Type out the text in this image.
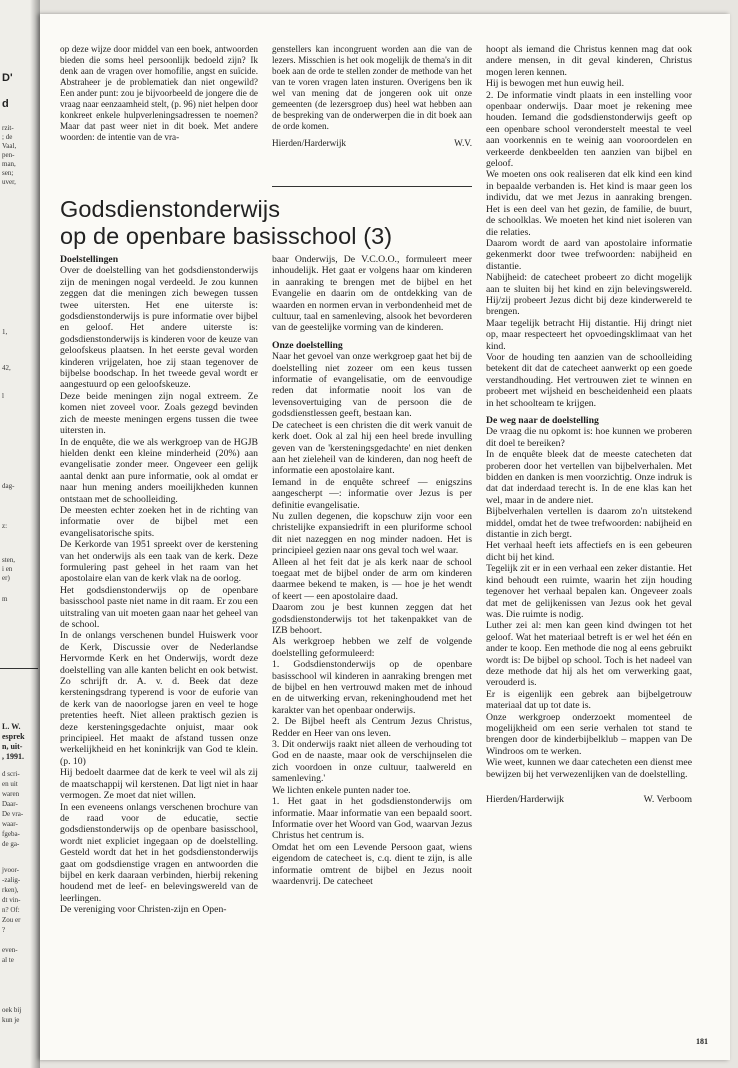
D'
d
rzit-
; de
Vaal,
pen-
man,
sen;
uver,
1,
42,
l
dag-
z:
sten,
i en
er)
m
L. W.
esprek
n, uit-
, 1991.
d scri-
en uit
waren
Daar-
De vra-
waar-
fgeba-
de ga-
jvoor-
-zalig-
rken),
dt vin-
n? Of:
Zou er
?
even-
al te
oek bij
kun je

op deze wijze door middel van een boek, antwoorden bieden die soms heel persoonlijk bedoeld zijn? Ik denk aan de vragen over homofilie, angst en suïcide. Abstraheer je de problematiek dan niet ongewild? Een ander punt: zou je bijvoorbeeld de jongere die de vraag naar eenzaamheid stelt, (p. 96) niet helpen door konkreet enkele hulpverleningsadressen te noemen? Maar dat past weer niet in dit boek. Met andere woorden: de intentie van de vra-

genstellers kan incongruent worden aan die van de lezers. Misschien is het ook mogelijk de thema's in dit boek aan de orde te stellen zonder de methode van het van te voren vragen laten insturen. Overigens ben ik wel van mening dat de jongeren ook uit onze gemeenten (de lezersgroep dus) heel wat hebben aan de bespreking van de onderwerpen die in dit boek aan de orde komen.

Hierden/Harderwijk	W.V.
Godsdienstonderwijs
op de openbare basisschool (3)

Doelstellingen

Over de doelstelling van het godsdienstonderwijs zijn de meningen nogal verdeeld. Je zou kunnen zeggen dat die meningen zich bewegen tussen twee uitersten. Het ene uiterste is: godsdienstonderwijs is pure informatie over bijbel en geloof. Het andere uiterste is: godsdienstonderwijs is kinderen voor de keuze van geloofskeus plaatsen. In het eerste geval worden kinderen vrijgelaten, hoe zij staan tegenover de bijbelse boodschap. In het tweede geval wordt er aangestuurd op een geloofskeuze.

Deze beide meningen zijn nogal extreem. Ze komen niet zoveel voor. Zoals gezegd bevinden zich de meeste meningen ergens tussen die twee uitersten in.

In de enquête, die we als werkgroep van de HGJB hielden denkt een kleine minderheid (20%) aan evangelisatie zonder meer. Ongeveer een gelijk aantal denkt aan pure informatie, ook al omdat er naar hun mening anders moeilijkheden kunnen ontstaan met de schoolleiding.

De meesten echter zoeken het in de richting van informatie over de bijbel met een evangelisatorische spits.

De Kerkorde van 1951 spreekt over de kerstening van het onderwijs als een taak van de kerk. Deze formulering past geheel in het raam van het apostolaire elan van de kerk vlak na de oorlog.

Het godsdienstonderwijs op de openbare basisschool paste niet name in dit raam. Er zou een uitstraling van uit moeten gaan naar het geheel van de school.

In de onlangs verschenen bundel Huiswerk voor de Kerk, Discussie over de Nederlandse Hervormde Kerk en het Onderwijs, wordt deze doelstelling van alle kanten belicht en ook betwist. Zo schrijft dr. A. v. d. Beek dat deze kersteningsdrang typerend is voor de euforie van de kerk van de naoorlogse jaren en veel te hoge pretenties heeft. Niet alleen praktisch gezien is deze kersteningsgedachte onjuist, maar ook principieel. Het maakt de afstand tussen onze werkelijkheid en het koninkrijk van God te klein. (p. 10)

Hij bedoelt daarmee dat de kerk te veel wil als zij de maatschappij wil kerstenen. Dat ligt niet in haar vermogen. Ze moet dat niet willen.

In een eveneens onlangs verschenen brochure van de raad voor de educatie, sectie godsdienstonderwijs op de openbare basisschool, wordt niet expliciet ingegaan op de doelstelling. Gesteld wordt dat het in het godsdienstonderwijs gaat om godsdienstige vragen en antwoorden die bijbel en kerk daaraan verbinden, hierbij rekening houdend met de leef- en belevingswereld van de leerlingen.

De vereniging voor Christen-zijn en Open-

baar Onderwijs, De V.C.O.O., formuleert meer inhoudelijk. Het gaat er volgens haar om kinderen in aanraking te brengen met de bijbel en het Evangelie en daarin om de ontdekking van de waarden en normen ervan in verbondenheid met de cultuur, taal en samenleving, alsook het bevorderen van de geestelijke vorming van de kinderen.

Onze doelstelling

Naar het gevoel van onze werkgroep gaat het bij de doelstelling niet zozeer om een keus tussen informatie of evangelisatie, om de eenvoudige reden dat informatie nooit los van de levensovertuiging van de persoon die de godsdienstlessen geeft, bestaan kan.

De catecheet is een christen die dit werk vanuit de kerk doet. Ook al zal hij een heel brede invulling geven van de 'kersteningsgedachte' en niet denken aan het zieleheil van de kinderen, dan nog heeft de informatie een apostolaire kant.

Iemand in de enquête schreef — enigszins aangescherpt —: informatie over Jezus is per definitie evangelisatie.

Nu zullen degenen, die kopschuw zijn voor een christelijke expansiedrift in een pluriforme school dit niet nazeggen en nog minder nadoen. Het is principieel gezien naar ons geval toch wel waar.

Alleen al het feit dat je als kerk naar de school toegaat met de bijbel onder de arm om kinderen daarmee bekend te maken, is — hoe je het wendt of keert — een apostolaire daad.

Daarom zou je best kunnen zeggen dat het godsdienstonderwijs tot het takenpakket van de IZB behoort.

Als werkgroep hebben we zelf de volgende doelstelling geformuleerd:

1. Godsdienstonderwijs op de openbare basisschool wil kinderen in aanraking brengen met de bijbel en hen vertrouwd maken met de inhoud en de uitwerking ervan, rekeninghoudend met het karakter van het openbaar onderwijs.

2. De Bijbel heeft als Centrum Jezus Christus, Redder en Heer van ons leven.

3. Dit onderwijs raakt niet alleen de verhouding tot God en de naaste, maar ook de verschijnselen die zich voordoen in onze cultuur, taalwereld en samenleving.'

We lichten enkele punten nader toe.

1. Het gaat in het godsdienstonderwijs om informatie. Maar informatie van een bepaald soort. Informatie over het Woord van God, waarvan Jezus Christus het centrum is.

Omdat het om een Levende Persoon gaat, wiens eigendom de catecheet is, c.q. dient te zijn, is alle informatie omtrent de bijbel en Jezus nooit waardenvrij. De catecheet

hoopt als iemand die Christus kennen mag dat ook andere mensen, in dit geval kinderen, Christus mogen leren kennen.

Hij is bewogen met hun euwig heil.

2. De informatie vindt plaats in een instelling voor openbaar onderwijs. Daar moet je rekening mee houden. Iemand die godsdienstonderwijs geeft op een openbare school veronderstelt meestal te veel aan voorkennis en te weinig aan vooroordelen en verkeerde denkbeelden ten aanzien van bijbel en geloof.

We moeten ons ook realiseren dat elk kind een kind in bepaalde verbanden is. Het kind is maar geen los individu, dat we met Jezus in aanraking brengen. Het is een deel van het gezin, de familie, de buurt, de schoolklas. We moeten het kind niet isoleren van die relaties.

Daarom wordt de aard van apostolaire informatie gekenmerkt door twee trefwoorden: nabijheid en distantie.

Nabijheid: de catecheet probeert zo dicht mogelijk aan te sluiten bij het kind en zijn belevingswereld. Hij/zij probeert Jezus dicht bij deze kinderwereld te brengen.

Maar tegelijk betracht Hij distantie. Hij dringt niet op, maar respecteert het opvoedingsklimaat van het kind.

Voor de houding ten aanzien van de schoolleiding betekent dit dat de catecheet aanwerkt op een goede verstandhouding. Het vertrouwen ziet te winnen en probeert met wijsheid en bescheidenheid een plaats in het schoolteam te krijgen.

De weg naar de doelstelling

De vraag die nu opkomt is: hoe kunnen we proberen dit doel te bereiken?

In de enquête bleek dat de meeste catecheten dat proberen door het vertellen van bijbelverhalen. Met bidden en danken is men voorzichtig. Onze indruk is dat dat inderdaad terecht is. In de ene klas kan het wel, maar in de andere niet.

Bijbelverhalen vertellen is daarom zo'n uitstekend middel, omdat het de twee trefwoorden: nabijheid en distantie in zich bergt.

Het verhaal heeft iets affectiefs en is een gebeuren dicht bij het kind.

Tegelijk zit er in een verhaal een zeker distantie. Het kind behoudt een ruimte, waarin het zijn houding tegenover het verhaal bepalen kan. Ongeveer zoals dat met de gelijkenissen van Jezus ook het geval was. Die ruimte is nodig.

Luther zei al: men kan geen kind dwingen tot het geloof. Wat het materiaal betreft is er wel het één en ander te koop. Een methode die nog al eens gebruikt wordt is: De bijbel op school. Toch is het nadeel van deze methode dat hij als het om verwerking gaat, verouderd is.

Er is eigenlijk een gebrek aan bijbelgetrouw materiaal dat up tot date is.

Onze werkgroep onderzoekt momenteel de mogelijkheid om een serie verhalen tot stand te brengen door de kinderbijbelklub – mappen van De Windroos om te werken.

Wie weet, kunnen we daar catecheten een dienst mee bewijzen bij het verwezenlijken van de doelstelling.

Hierden/Harderwijk	W. Verboom
181
